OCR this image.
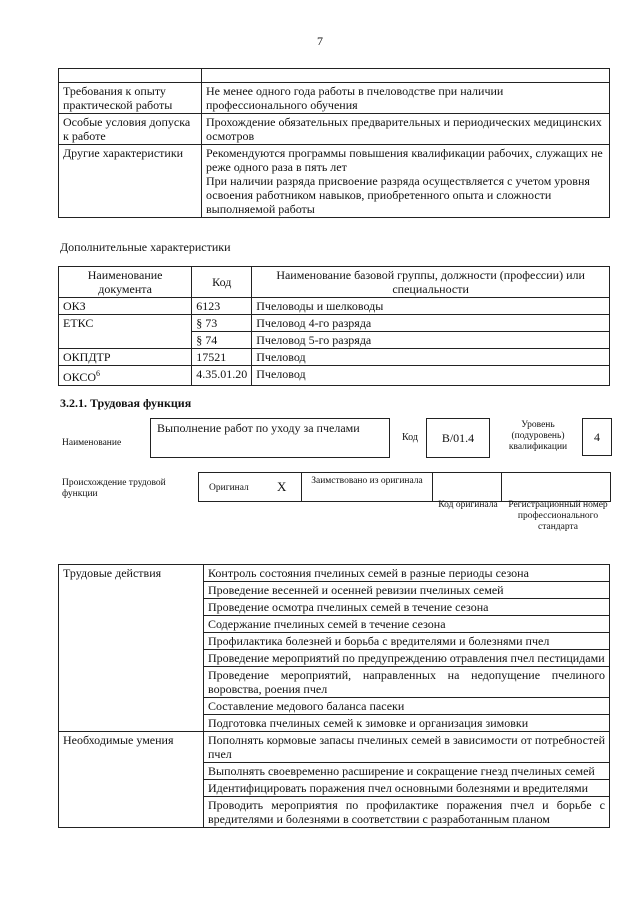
7

Требования к опыту практической работы	Не менее одного года работы в пчеловодстве при наличии профессионального обучения
Особые условия допуска к работе	Прохождение обязательных предварительных и периодических медицинских осмотров
Другие характеристики	Рекомендуются программы повышения квалификации рабочих, служащих не реже одного раза в пять лет
При наличии разряда присвоение разряда осуществляется с учетом уровня освоения работником навыков, приобретенного опыта и сложности выполняемой работы
Дополнительные характеристики
Наименование документа	Код	Наименование базовой группы, должности (профессии) или специальности
ОКЗ	6123	Пчеловоды и шелководы
ЕТКС	§ 73	Пчеловод 4-го разряда
	§ 74	Пчеловод 5-го разряда
ОКПДТР	17521	Пчеловод
ОКСО$^6$	4.35.01.20	Пчеловод
3.2.1. Трудовая функция
Наименование
Выполнение работ по уходу за пчелами
Код В/01.4
Уровень (подуровень) квалификации
4
Происхождение трудовой функции
Оригинал X	Заимствовано из оригинала
Код оригинала Регистрационный номер профессионального стандарта
Трудовые действия	Контроль состояния пчелиных семей в разные периоды сезона
	Проведение весенней и осенней ревизии пчелиных семей
	Проведение осмотра пчелиных семей в течение сезона
	Содержание пчелиных семей в течение сезона
	Профилактика болезней и борьба с вредителями и болезнями пчел
	Проведение мероприятий по предупреждению отравления пчел пестицидами
	Проведение мероприятий, направленных на недопущение пчелиного воровства, роения пчел
	Составление медового баланса пасеки
	Подготовка пчелиных семей к зимовке и организация зимовки
Необходимые умения	Пополнять кормовые запасы пчелиных семей в зависимости от потребностей пчел
	Выполнять своевременно расширение и сокращение гнезд пчелиных семей
	Идентифицировать поражения пчел основными болезнями и вредителями
	Проводить мероприятия по профилактике поражения пчел и борьбе с вредителями и болезнями в соответствии с разработанным планом
